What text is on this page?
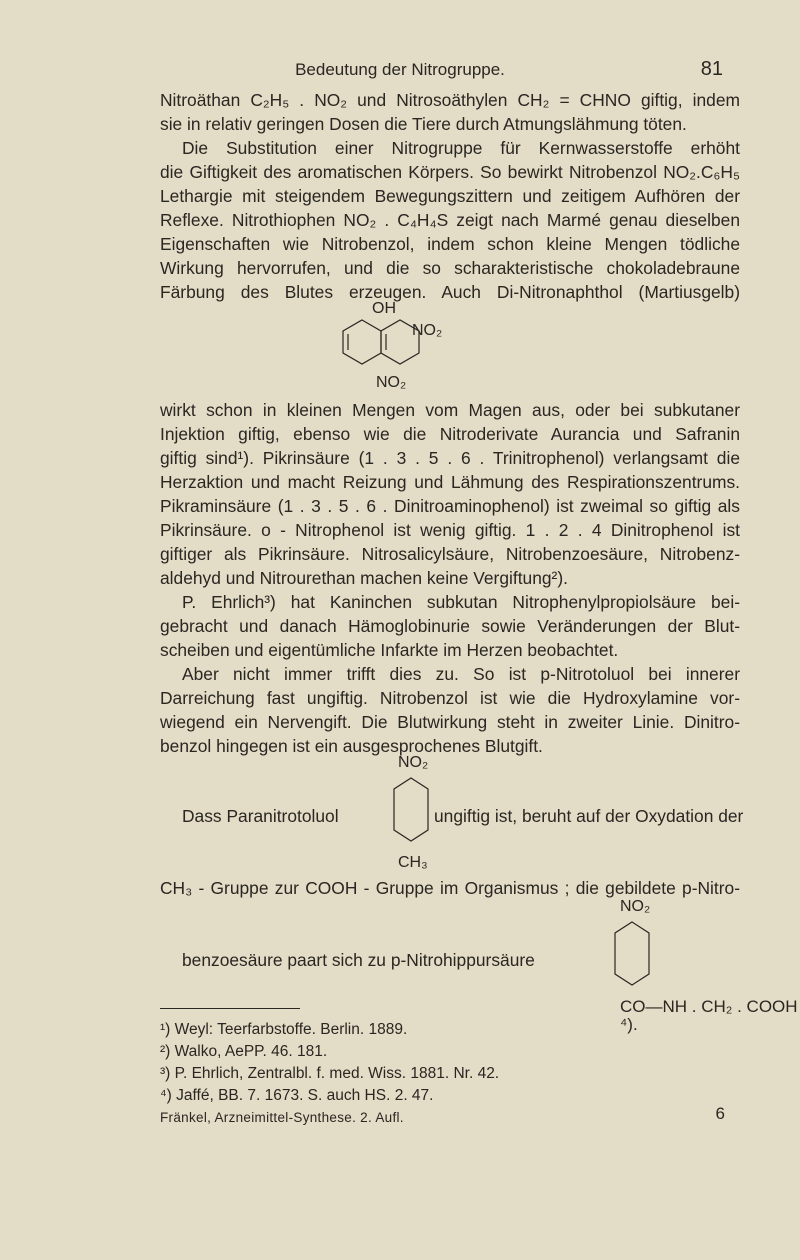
Bedeutung der Nitrogruppe.	81
Nitroäthan C₂H₅ . NO₂ und Nitrosoäthylen CH₂ = CHNO giftig, indem
sie in relativ geringen Dosen die Tiere durch Atmungslähmung töten.
Die Substitution einer Nitrogruppe für Kernwasserstoffe erhöht
die Giftigkeit des aromatischen Körpers. So bewirkt Nitrobenzol NO₂.C₆H₅
Lethargie mit steigendem Bewegungszittern und zeitigem Aufhören der
Reflexe. Nitrothiophen NO₂ . C₄H₄S zeigt nach Marmé genau dieselben
Eigenschaften wie Nitrobenzol, indem schon kleine Mengen tödliche
Wirkung hervorrufen, und die so scharakteristische chokoladebraune
Färbung des Blutes erzeugen. Auch Di-Nitronaphthol (Martiusgelb)
OH
NO₂
NO₂
wirkt schon in kleinen Mengen vom Magen aus, oder bei subkutaner
Injektion giftig, ebenso wie die Nitroderivate Aurancia und Safranin
giftig sind¹). Pikrinsäure (1 . 3 . 5 . 6 . Trinitrophenol) verlangsamt die
Herzaktion und macht Reizung und Lähmung des Respirationszentrums.
Pikraminsäure (1 . 3 . 5 . 6 . Dinitroaminophenol) ist zweimal so giftig als
Pikrinsäure. o - Nitrophenol ist wenig giftig. 1 . 2 . 4 Dinitrophenol ist
giftiger als Pikrinsäure. Nitrosalicylsäure, Nitrobenzoesäure, Nitrobenz-
aldehyd und Nitrourethan machen keine Vergiftung²).
P. Ehrlich³) hat Kaninchen subkutan Nitrophenylpropiolsäure bei-
gebracht und danach Hämoglobinurie sowie Veränderungen der Blut-
scheiben und eigentümliche Infarkte im Herzen beobachtet.
Aber nicht immer trifft dies zu. So ist p-Nitrotoluol bei innerer
Darreichung fast ungiftig. Nitrobenzol ist wie die Hydroxylamine vor-
wiegend ein Nervengift. Die Blutwirkung steht in zweiter Linie. Dinitro-
benzol hingegen ist ein ausgesprochenes Blutgift.
NO₂
Dass Paranitrotoluol	ungiftig ist, beruht auf der Oxydation der
CH₃
CH₃ - Gruppe zur COOH - Gruppe im Organismus ; die gebildete p-Nitro-
NO₂
benzoesäure paart sich zu p-Nitrohippursäure
CO—NH . CH₂ . COOH ⁴).
¹) Weyl: Teerfarbstoffe. Berlin. 1889.
²) Walko, AePP. 46. 181.
³) P. Ehrlich, Zentralbl. f. med. Wiss. 1881. Nr. 42.
⁴) Jaffé, BB. 7. 1673. S. auch HS. 2. 47.
Fränkel, Arzneimittel-Synthese. 2. Aufl.	6
